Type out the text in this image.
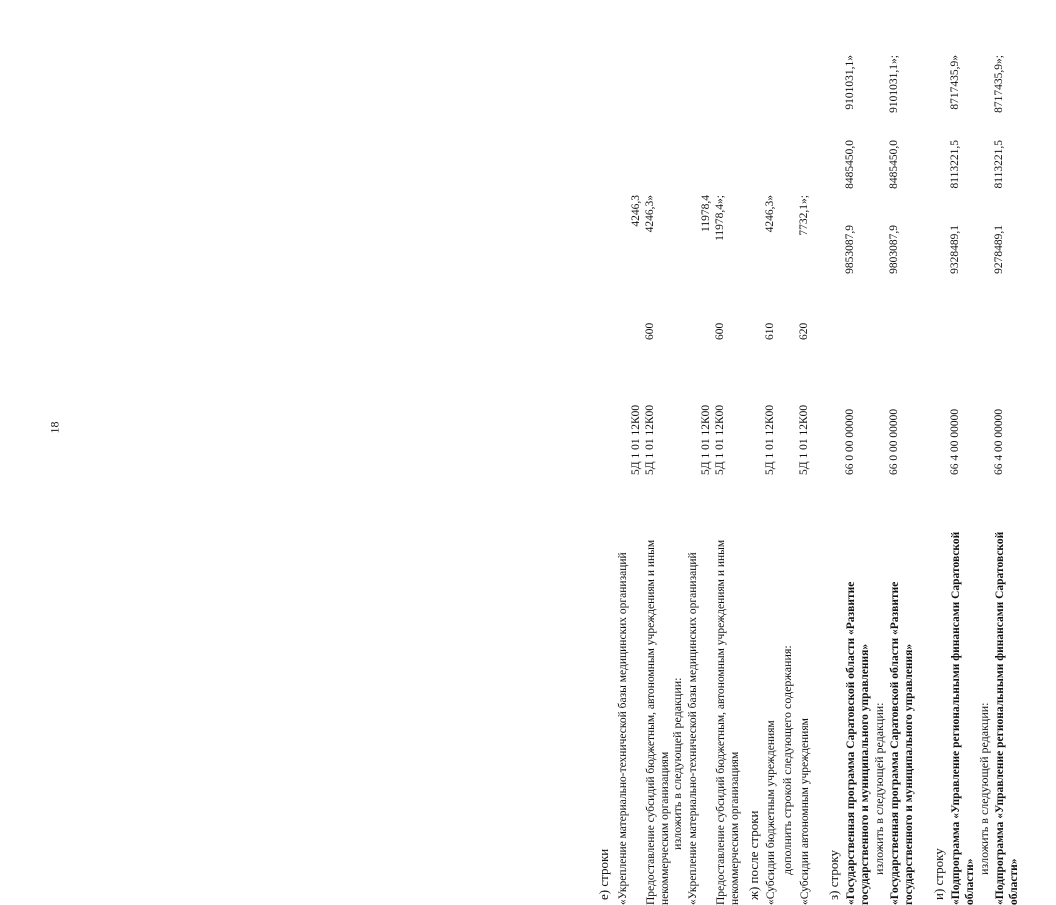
18
е) строки «Укрепление материально-технической базы медицинских организаций
5Д 1 01 12К00
4246,3
Предоставление субсидий бюджетным, автономным учреждениям и иным некоммерческим организациям
5Д 1 01 12К00
600
4246,3»
изложить в следующей редакции: «Укрепление материально-технической базы медицинских организаций
5Д 1 01 12К00
11978,4
Предоставление субсидий бюджетным, автономным учреждениям и иным некоммерческим организациям
5Д 1 01 12К00
600
11978,4»;
ж) после строки «Субсидии бюджетным учреждениям
5Д 1 01 12К00
610
4246,3»
дополнить строкой следующего содержания: «Субсидии автономным учреждениям
5Д 1 01 12К00
620
7732,1»;
з) строку «Государственная программа Саратовской области «Развитие государственного и муниципального управления»
66 0 00 00000
9853087,9
8485450,0
9101031,1»
изложить в следующей редакции: «Государственная программа Саратовской области «Развитие государственного и муниципального управления»
66 0 00 00000
9803087,9
8485450,0
9101031,1»;
и) строку «Подпрограмма «Управление региональными финансами Саратовской области»
66 4 00 00000
9328489,1
8113221,5
8717435,9»
изложить в следующей редакции: «Подпрограмма «Управление региональными финансами Саратовской области»
66 4 00 00000
9278489,1
8113221,5
8717435,9»;
